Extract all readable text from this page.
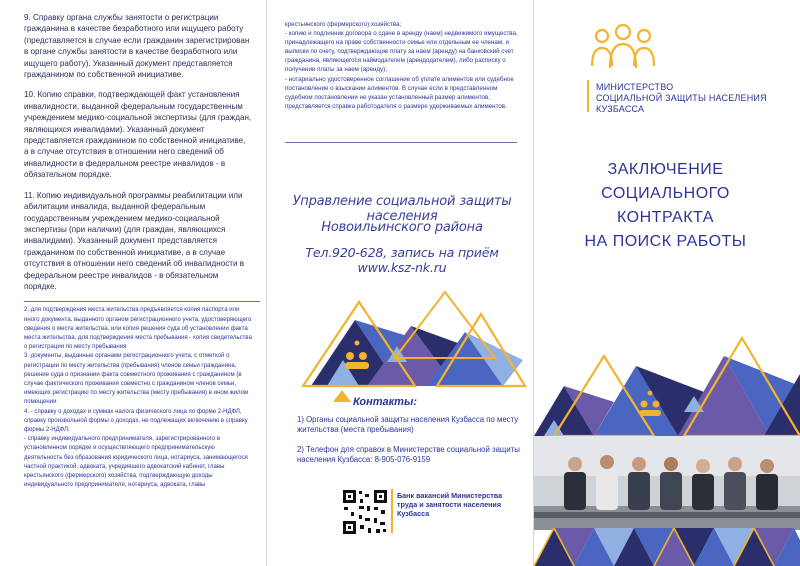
9. Справку органа службы занятости о регистрации гражданина в качестве безработного или ищущего работу (представляется в случае если гражданин зарегистрирован в органе службы занятости в качестве безработного или ищущего работу). Указанный документ представляется гражданином по собственной инициативе.

10. Копию справки, подтверждающей факт установления инвалидности, выданной федеральным государственным учреждением медико-социальной экспертизы (для граждан, являющихся инвалидами). Указанный документ представляется гражданином по собственной инициативе, а в случае отсутствия в отношении него сведений об инвалидности в федеральном реестре инвалидов - в обязательном порядке.

11. Копию индивидуальной программы реабилитации или абилитации инвалида, выданной федеральным государственным учреждением медико-социальной экспертизы (при наличии) (для граждан, являющихся инвалидами). Указанный документ представляется гражданином по собственной инициативе, а в случае отсутствия в отношении него сведений об инвалидности в федеральном реестре инвалидов - в обязательном порядке.

2. для подтверждения места жительства предъявляется копия паспорта или иного документа, выданного органом регистрационного учета, удостоверяющего сведения о месте жительства, или копия решения суда об установлении факта места жительства, для подтверждения места пребывания - копия свидетельства о регистрации по месту пребывания

3. документы, выданные органами регистрационного учета, с отметкой о регистрации по месту жительства (пребывания) членов семьи гражданина, решение суда о признании факта совместного проживания с гражданином (в случае фактического проживания совместно с гражданином членов семьи, имеющих регистрацию по месту жительства (месту пребывания) в ином жилом помещении

4. - справку о доходах и суммах налога физического лица по форме 2-НДФЛ, справку произвольной формы о доходах, не подлежащих включению в справку формы 2-НДФЛ;

- справку индивидуального предпринимателя, зарегистрированного в установленном порядке и осуществляющего предпринимательскую деятельность без образования юридического лица, нотариуса, занимающегося частной практикой, адвоката, учредившего адвокатский кабинет, главы крестьянского (фермерского) хозяйства, подтверждающую доходы индивидуального предпринимателя, нотариуса, адвоката, главы

крестьянского (фермерского) хозяйства;
- копию и подлинник договора о сдаче в аренду (наем) недвижимого имущества, принадлежащего на праве собственности семье или отдельным ее членам, и выписки по счету, подтверждающие плату за наем (аренду) на банковский счет гражданина, являющегося наймодателем (арендодателем), либо расписку о получении платы за наем (аренду);
- нотариально удостоверенное соглашение об уплате алиментов или судебное постановление о взыскании алиментов. В случае если в представленном судебном постановлении не указан установленный размер алиментов, представляется справка работодателя о размере удерживаемых алиментов.
Управление социальной защиты населения
Новоильинского района
Тел.920-628, запись на приём www.ksz-nk.ru
Контакты:
1) Органы социальной защиты населения Кузбасса по месту жительства (места пребывания)
2) Телефон для справок в Министерстве социальной защиты населения Кузбасса: 8-905-076-9159
Банк вакансий Министерства труда и занятости населения Кузбасса
МИНИСТЕРСТВО
СОЦИАЛЬНОЙ ЗАЩИТЫ НАСЕЛЕНИЯ
КУЗБАССА
ЗАКЛЮЧЕНИЕ
СОЦИАЛЬНОГО
КОНТРАКТА
НА ПОИСК РАБОТЫ
